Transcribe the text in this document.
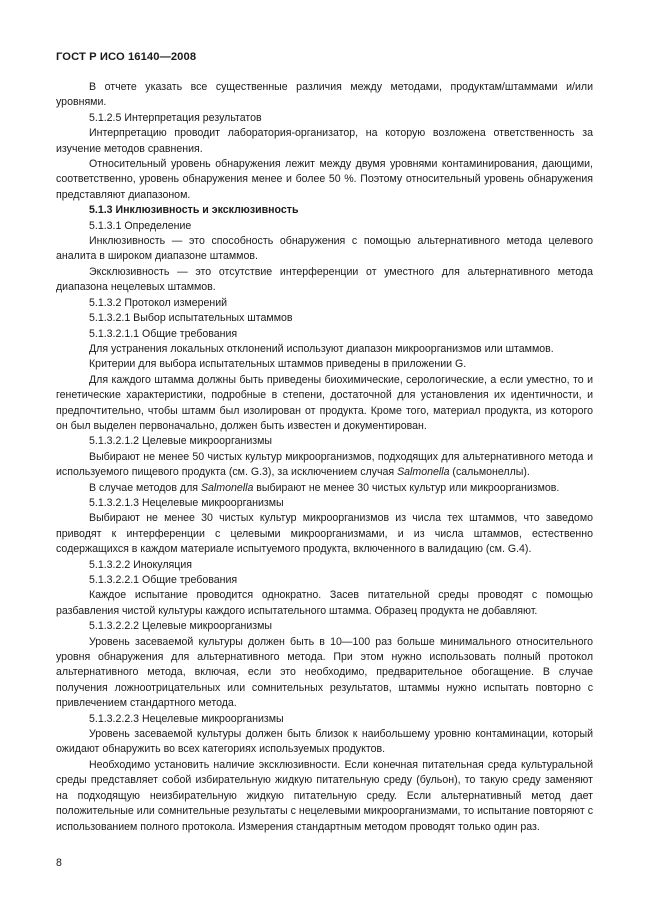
ГОСТ Р ИСО 16140—2008

В отчете указать все существенные различия между методами, продуктам/штаммами и/или уровнями.

5.1.2.5 Интерпретация результатов

Интерпретацию проводит лаборатория-организатор, на которую возложена ответственность за изучение методов сравнения.

Относительный уровень обнаружения лежит между двумя уровнями контаминирования, дающими, соответственно, уровень обнаружения менее и более 50 %. Поэтому относительный уровень обнаружения представляют диапазоном.

5.1.3 Инклюзивность и эксклюзивность

5.1.3.1 Определение

Инклюзивность — это способность обнаружения с помощью альтернативного метода целевого аналита в широком диапазоне штаммов.

Эксклюзивность — это отсутствие интерференции от уместного для альтернативного метода диапазона нецелевых штаммов.

5.1.3.2 Протокол измерений

5.1.3.2.1 Выбор испытательных штаммов

5.1.3.2.1.1 Общие требования

Для устранения локальных отклонений используют диапазон микроорганизмов или штаммов.

Критерии для выбора испытательных штаммов приведены в приложении G.

Для каждого штамма должны быть приведены биохимические, серологические, а если уместно, то и генетические характеристики, подробные в степени, достаточной для установления их идентичности, и предпочтительно, чтобы штамм был изолирован от продукта. Кроме того, материал продукта, из которого он был выделен первоначально, должен быть известен и документирован.

5.1.3.2.1.2 Целевые микроорганизмы

Выбирают не менее 50 чистых культур микроорганизмов, подходящих для альтернативного метода и используемого пищевого продукта (см. G.3), за исключением случая Salmonella (сальмонеллы).

В случае методов для Salmonella выбирают не менее 30 чистых культур или микроорганизмов.

5.1.3.2.1.3 Нецелевые микроорганизмы

Выбирают не менее 30 чистых культур микроорганизмов из числа тех штаммов, что заведомо приводят к интерференции с целевыми микроорганизмами, и из числа штаммов, естественно содержащихся в каждом материале испытуемого продукта, включенного в валидацию (см. G.4).

5.1.3.2.2 Инокуляция

5.1.3.2.2.1 Общие требования

Каждое испытание проводится однократно. Засев питательной среды проводят с помощью разбавления чистой культуры каждого испытательного штамма. Образец продукта не добавляют.

5.1.3.2.2.2 Целевые микроорганизмы

Уровень засеваемой культуры должен быть в 10—100 раз больше минимального относительного уровня обнаружения для альтернативного метода. При этом нужно использовать полный протокол альтернативного метода, включая, если это необходимо, предварительное обогащение. В случае получения ложноотрицательных или сомнительных результатов, штаммы нужно испытать повторно с привлечением стандартного метода.

5.1.3.2.2.3 Нецелевые микроорганизмы

Уровень засеваемой культуры должен быть близок к наибольшему уровню контаминации, который ожидают обнаружить во всех категориях используемых продуктов.

Необходимо установить наличие эксклюзивности. Если конечная питательная среда культуральной среды представляет собой избирательную жидкую питательную среду (бульон), то такую среду заменяют на подходящую неизбирательную жидкую питательную среду. Если альтернативный метод дает положительные или сомнительные результаты с нецелевыми микроорганизмами, то испытание повторяют с использованием полного протокола. Измерения стандартным методом проводят только один раз.

8
